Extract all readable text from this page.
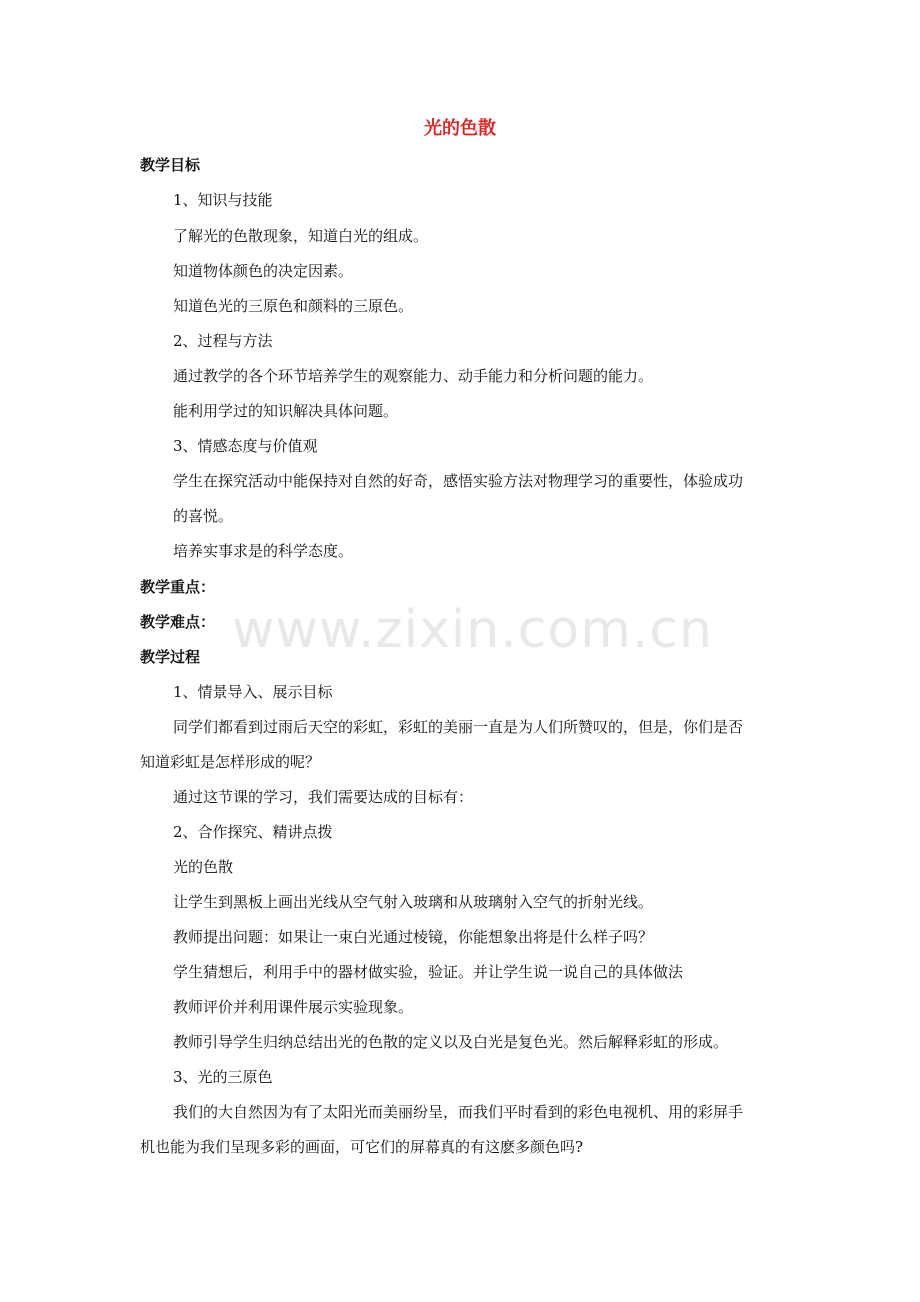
光的色散
教学目标
1、知识与技能
了解光的色散现象，知道白光的组成。
知道物体颜色的决定因素。
知道色光的三原色和颜料的三原色。
2、过程与方法
通过教学的各个环节培养学生的观察能力、动手能力和分析问题的能力。
能利用学过的知识解决具体问题。
3、情感态度与价值观
学生在探究活动中能保持对自然的好奇，感悟实验方法对物理学习的重要性，体验成功
的喜悦。
培养实事求是的科学态度。
教学重点：
教学难点：
教学过程
1、情景导入、展示目标
同学们都看到过雨后天空的彩虹，彩虹的美丽一直是为人们所赞叹的，但是，你们是否
知道彩虹是怎样形成的呢？
通过这节课的学习，我们需要达成的目标有：
2、合作探究、精讲点拨
光的色散
让学生到黑板上画出光线从空气射入玻璃和从玻璃射入空气的折射光线。
教师提出问题：如果让一束白光通过棱镜，你能想象出将是什么样子吗？
学生猜想后，利用手中的器材做实验，验证。并让学生说一说自己的具体做法
教师评价并利用课件展示实验现象。
教师引导学生归纳总结出光的色散的定义以及白光是复色光。然后解释彩虹的形成。
3、光的三原色
我们的大自然因为有了太阳光而美丽纷呈，而我们平时看到的彩色电视机、用的彩屏手
机也能为我们呈现多彩的画面，可它们的屏幕真的有这麽多颜色吗?
www.zixin.com.cn
